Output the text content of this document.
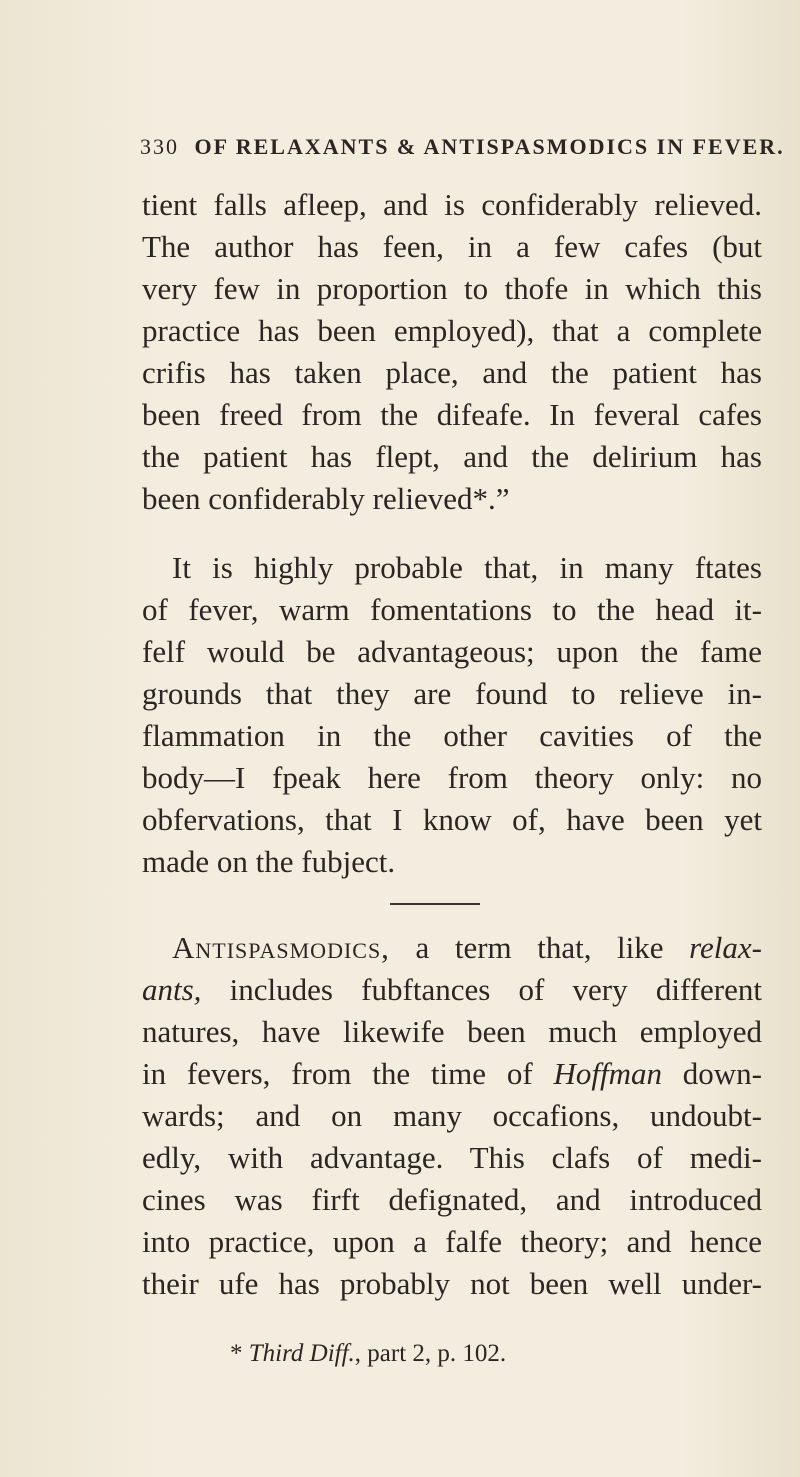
330 OF RELAXANTS & ANTISPASMODICS IN FEVER.
tient falls afleep, and is confiderably relieved.
The author has feen, in a few cafes (but
very few in proportion to thofe in which this
practice has been employed), that a complete
crifis has taken place, and the patient has
been freed from the difeafe. In feveral cafes
the patient has flept, and the delirium has
been confiderably relieved*.”
It is highly probable that, in many ftates
of fever, warm fomentations to the head it-
felf would be advantageous; upon the fame
grounds that they are found to relieve in-
flammation in the other cavities of the
body—I fpeak here from theory only: no
obfervations, that I know of, have been yet
made on the fubject.
Antispasmodics, a term that, like relax-
ants, includes fubftances of very different
natures, have likewife been much employed
in fevers, from the time of Hoffman down-
wards; and on many occafions, undoubt-
edly, with advantage. This clafs of medi-
cines was firft defignated, and introduced
into practice, upon a falfe theory; and hence
their ufe has probably not been well under-
* Third Diff., part 2, p. 102.
